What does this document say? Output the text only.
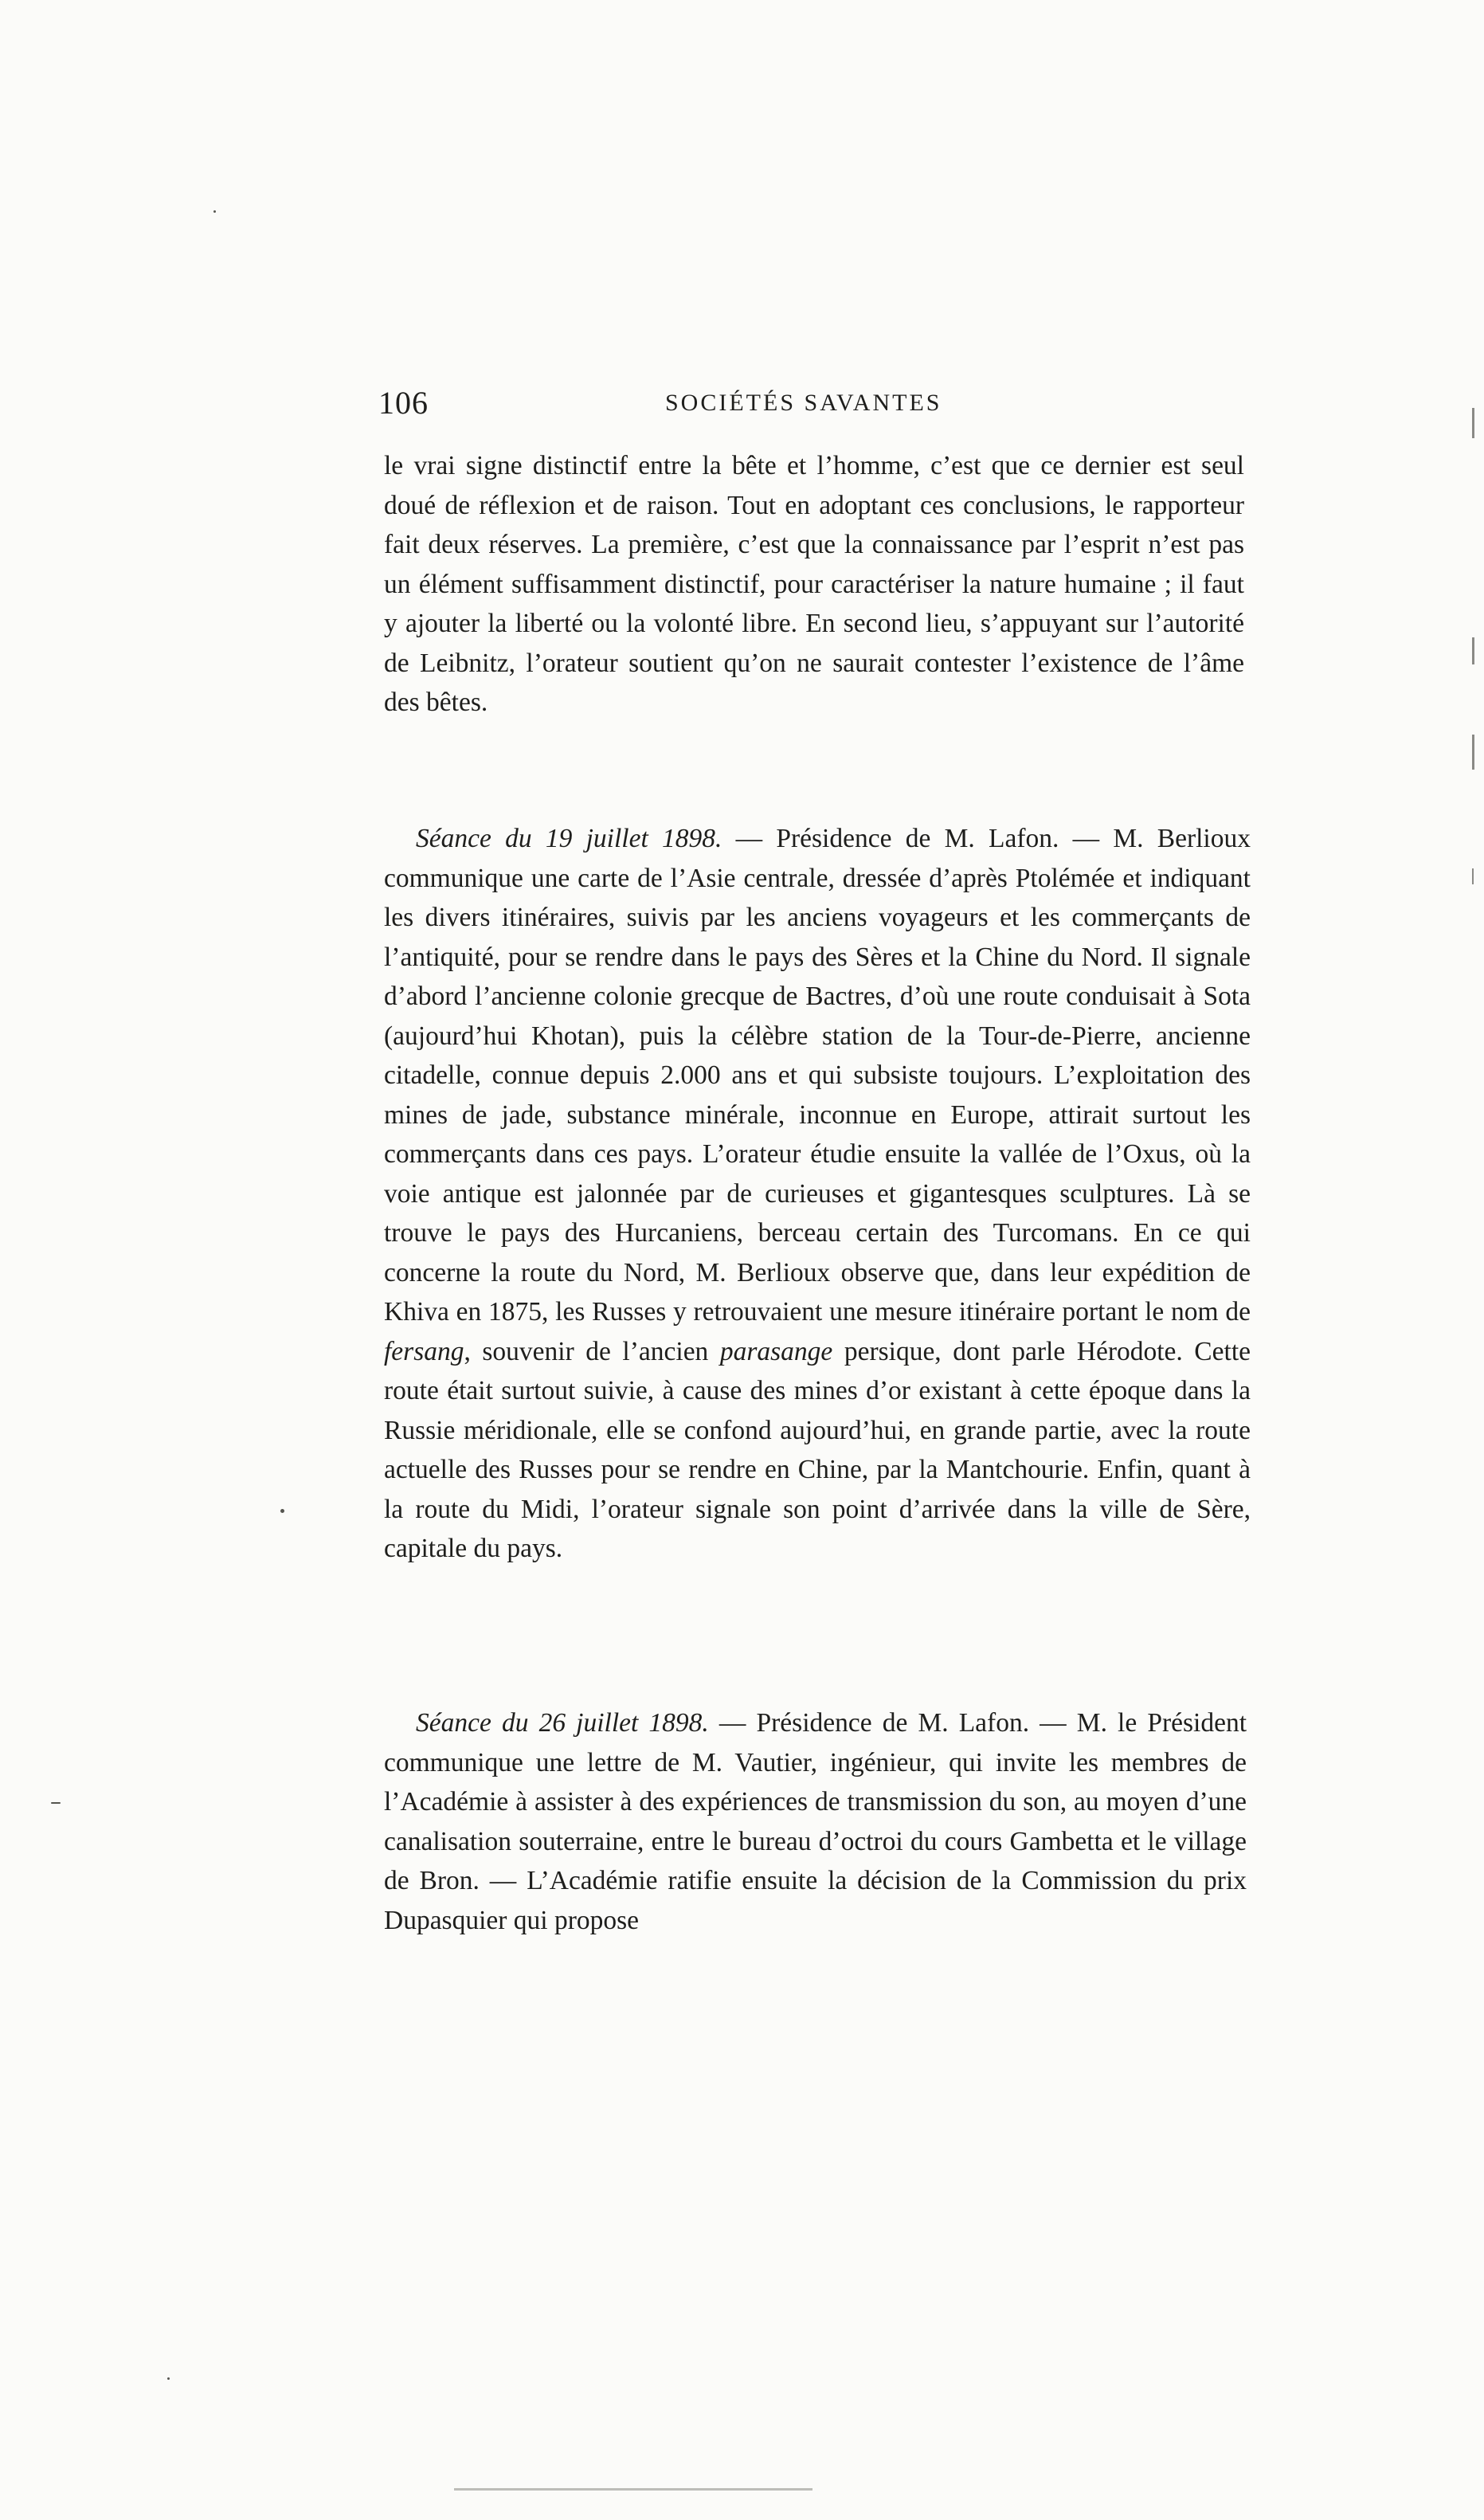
106	SOCIÉTÉS SAVANTES

le vrai signe distinctif entre la bête et l’homme, c’est que ce dernier est seul doué de réflexion et de raison. Tout en adoptant ces conclusions, le rapporteur fait deux réserves. La première, c’est que la connaissance par l’esprit n’est pas un élément suffisamment distinctif, pour caractériser la nature humaine ; il faut y ajouter la liberté ou la volonté libre. En second lieu, s’appuyant sur l’autorité de Leibnitz, l’orateur soutient qu’on ne saurait contester l’existence de l’âme des bêtes.

Séance du 19 juillet 1898. — Présidence de M. Lafon. — M. Berlioux communique une carte de l’Asie centrale, dressée d’après Ptolémée et indiquant les divers itinéraires, suivis par les anciens voyageurs et les commerçants de l’antiquité, pour se rendre dans le pays des Sères et la Chine du Nord. Il signale d’abord l’ancienne colonie grecque de Bactres, d’où une route conduisait à Sota (aujourd’hui Khotan), puis la célèbre station de la Tour-de-Pierre, ancienne citadelle, connue depuis 2.000 ans et qui subsiste toujours. L’exploitation des mines de jade, substance minérale, inconnue en Europe, attirait surtout les commerçants dans ces pays. L’orateur étudie ensuite la vallée de l’Oxus, où la voie antique est jalonnée par de curieuses et gigantesques sculptures. Là se trouve le pays des Hurcaniens, berceau certain des Turcomans. En ce qui concerne la route du Nord, M. Berlioux observe que, dans leur expédition de Khiva en 1875, les Russes y retrouvaient une mesure itinéraire portant le nom de fersang, souvenir de l’ancien parasange persique, dont parle Hérodote. Cette route était surtout suivie, à cause des mines d’or existant à cette époque dans la Russie méridionale, elle se confond aujourd’hui, en grande partie, avec la route actuelle des Russes pour se rendre en Chine, par la Mantchourie. Enfin, quant à la route du Midi, l’orateur signale son point d’arrivée dans la ville de Sère, capitale du pays.

Séance du 26 juillet 1898. — Présidence de M. Lafon. — M. le Président communique une lettre de M. Vautier, ingénieur, qui invite les membres de l’Académie à assister à des expériences de transmission du son, au moyen d’une canalisation souterraine, entre le bureau d’octroi du cours Gambetta et le village de Bron. — L’Académie ratifie ensuite la décision de la Commission du prix Dupasquier qui propose
